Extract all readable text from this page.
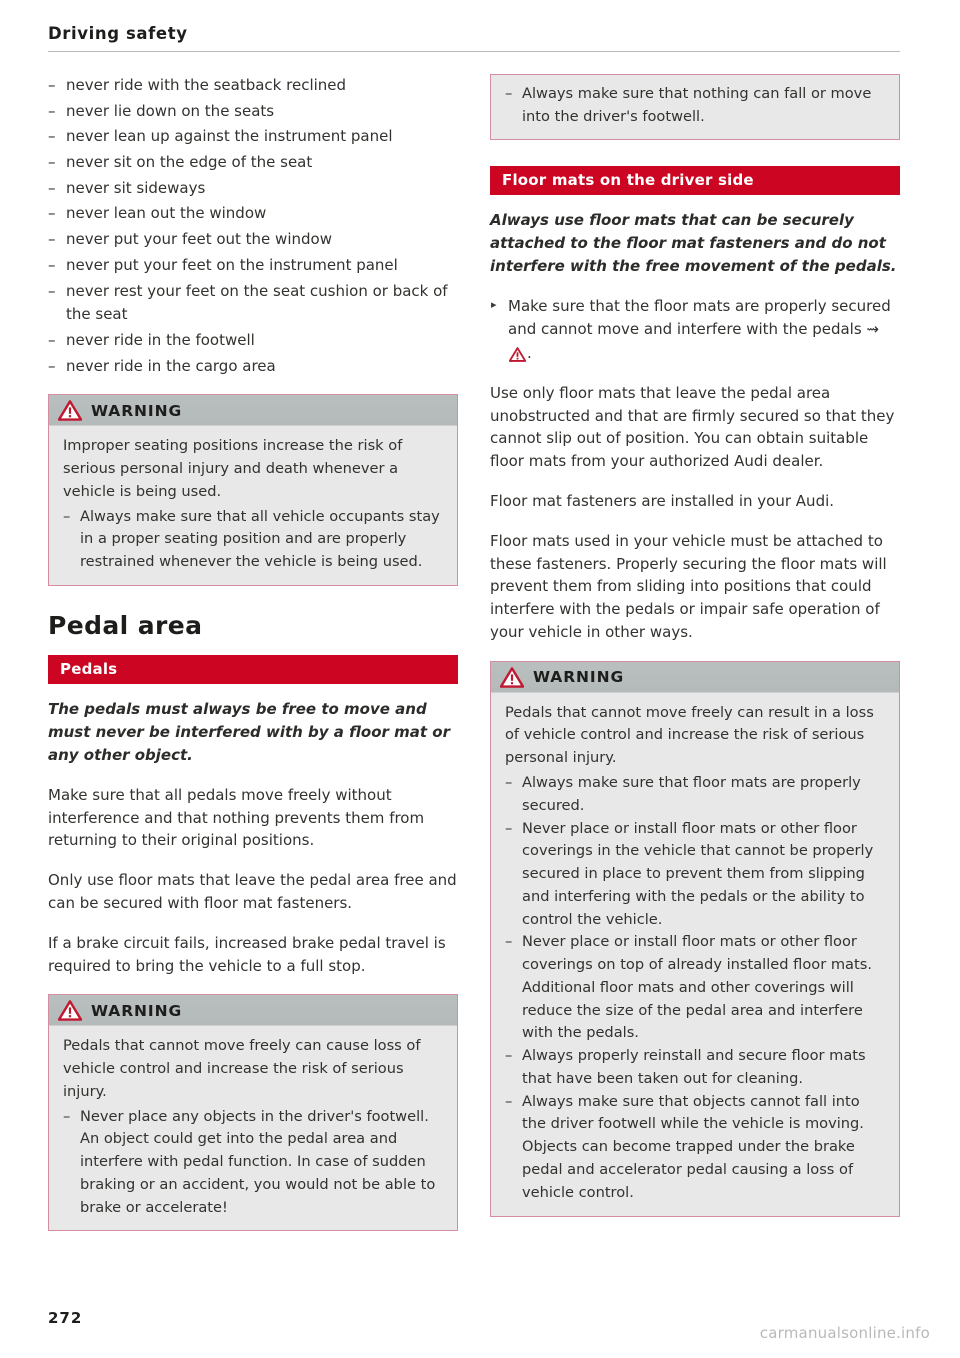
Driving safety
– never ride with the seatback reclined
– never lie down on the seats
– never lean up against the instrument panel
– never sit on the edge of the seat
– never sit sideways
– never lean out the window
– never put your feet out the window
– never put your feet on the instrument panel
– never rest your feet on the seat cushion or back of the seat
– never ride in the footwell
– never ride in the cargo area
WARNING

Improper seating positions increase the risk of serious personal injury and death whenever a vehicle is being used.

– Always make sure that all vehicle occupants stay in a proper seating position and are properly restrained whenever the vehicle is being used.
Pedal area
Pedals

The pedals must always be free to move and must never be interfered with by a floor mat or any other object.

Make sure that all pedals move freely without interference and that nothing prevents them from returning to their original positions.

Only use floor mats that leave the pedal area free and can be secured with floor mat fasteners.

If a brake circuit fails, increased brake pedal travel is required to bring the vehicle to a full stop.

WARNING

Pedals that cannot move freely can cause loss of vehicle control and increase the risk of serious injury.

– Never place any objects in the driver's footwell. An object could get into the pedal area and interfere with pedal function. In case of sudden braking or an accident, you would not be able to brake or accelerate!
– Always make sure that nothing can fall or move into the driver's footwell.
Floor mats on the driver side

Always use floor mats that can be securely attached to the floor mat fasteners and do not interfere with the free movement of the pedals.

▸ Make sure that the floor mats are properly secured and cannot move and interfere with the pedals ⇝ .

Use only floor mats that leave the pedal area unobstructed and that are firmly secured so that they cannot slip out of position. You can obtain suitable floor mats from your authorized Audi dealer.

Floor mat fasteners are installed in your Audi.

Floor mats used in your vehicle must be attached to these fasteners. Properly securing the floor mats will prevent them from sliding into positions that could interfere with the pedals or impair safe operation of your vehicle in other ways.

WARNING

Pedals that cannot move freely can result in a loss of vehicle control and increase the risk of serious personal injury.

– Always make sure that floor mats are properly secured.
– Never place or install floor mats or other floor coverings in the vehicle that cannot be properly secured in place to prevent them from slipping and interfering with the pedals or the ability to control the vehicle.
– Never place or install floor mats or other floor coverings on top of already installed floor mats. Additional floor mats and other coverings will reduce the size of the pedal area and interfere with the pedals.
– Always properly reinstall and secure floor mats that have been taken out for cleaning.
– Always make sure that objects cannot fall into the driver footwell while the vehicle is moving. Objects can become trapped under the brake pedal and accelerator pedal causing a loss of vehicle control.
272
carmanualsonline.info
